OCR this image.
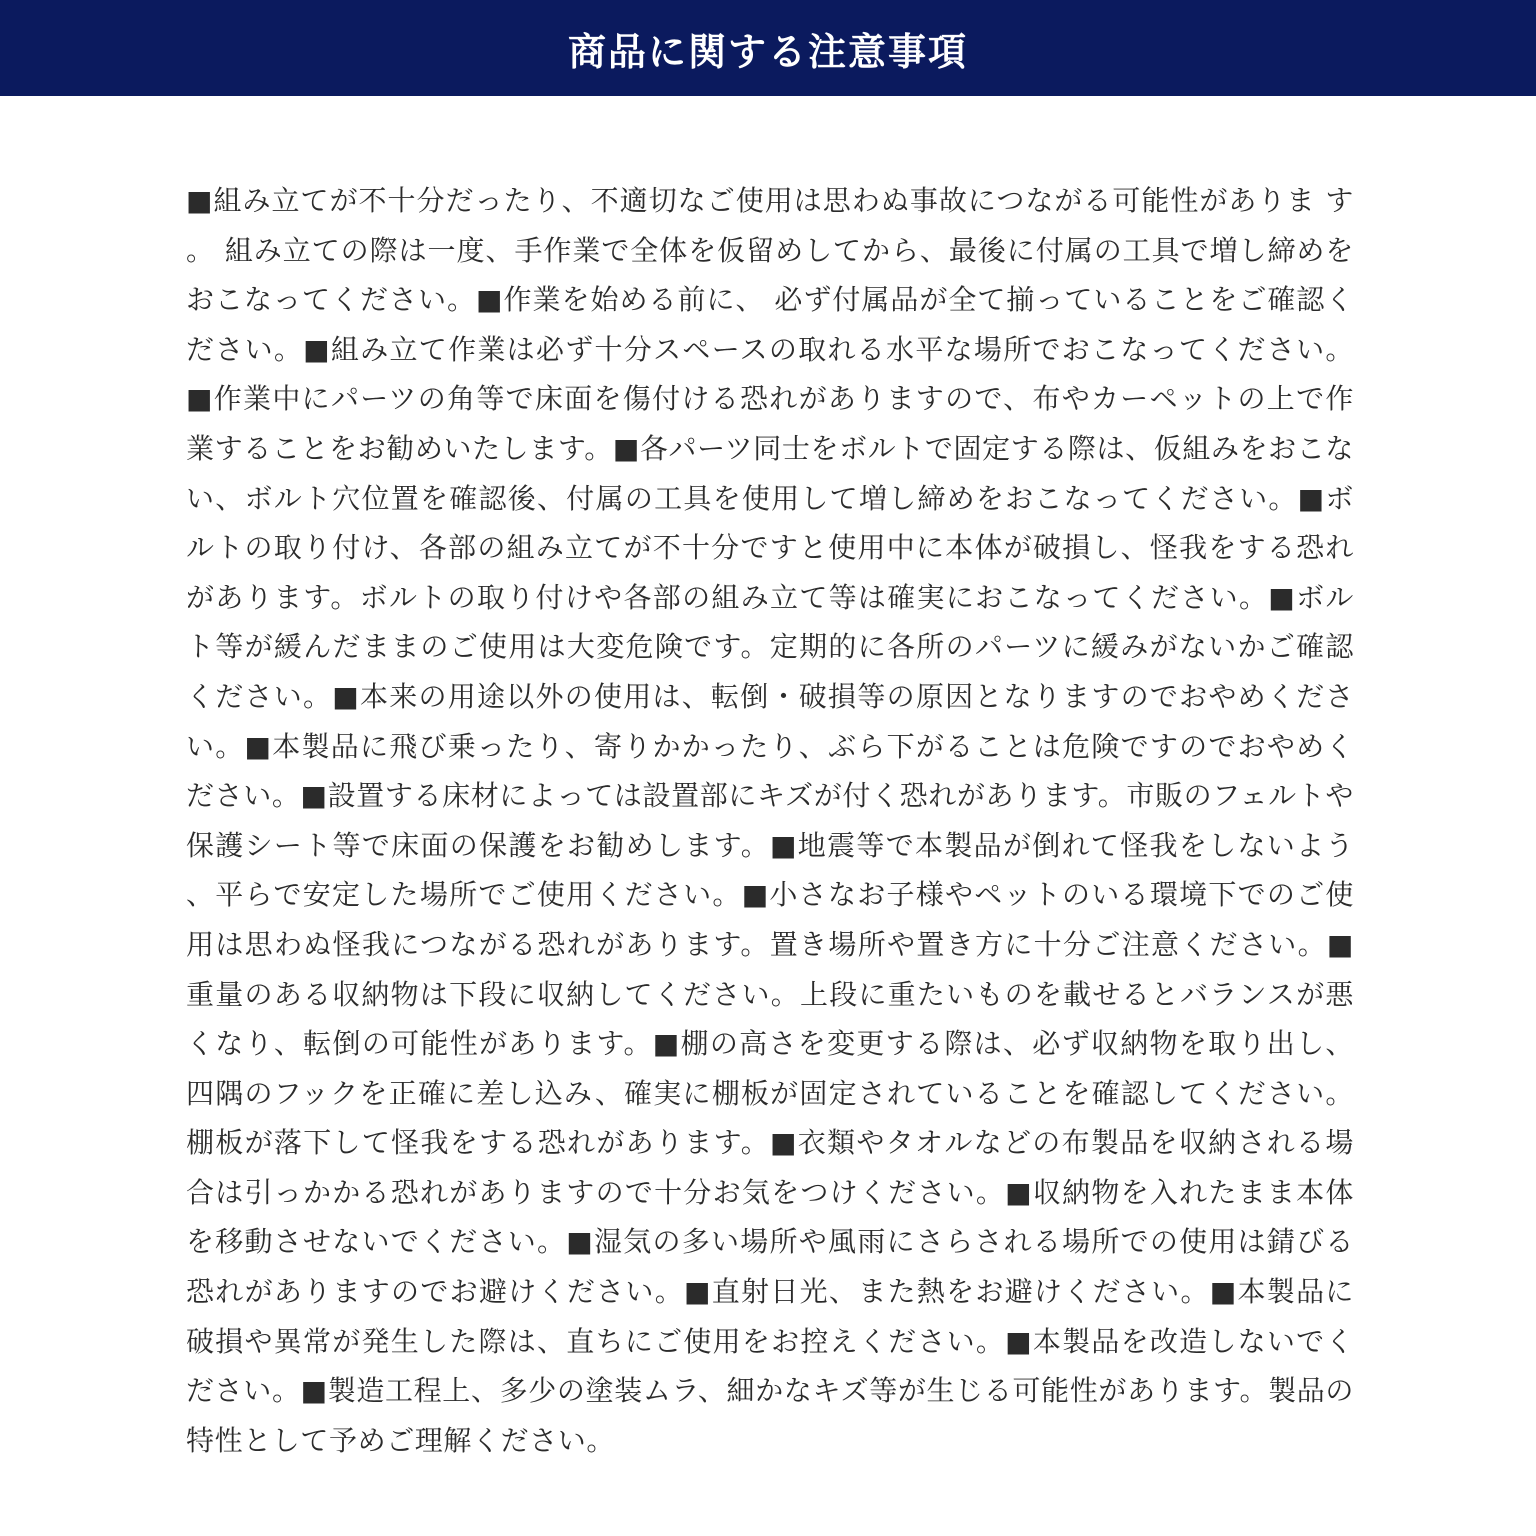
商品に関する注意事項
■組み立てが不十分だったり、不適切なご使用は思わぬ事故につながる可能性がありま す。 組み立ての際は一度、手作業で全体を仮留めしてから、最後に付属の工具で増し締めをおこなってください。■作業を始める前に、 必ず付属品が全て揃っていることをご確認ください。■組み立て作業は必ず十分スペースの取れる水平な場所でおこなってください。■作業中にパーツの角等で床面を傷付ける恐れがありますので、布やカーペットの上で作業することをお勧めいたします。■各パーツ同士をボルトで固定する際は、仮組みをおこない、ボルト穴位置を確認後、付属の工具を使用して増し締めをおこなってください。■ボルトの取り付け、各部の組み立てが不十分ですと使用中に本体が破損し、怪我をする恐れがあります。ボルトの取り付けや各部の組み立て等は確実におこなってください。■ボルト等が緩んだままのご使用は大変危険です。定期的に各所のパーツに緩みがないかご確認ください。■本来の用途以外の使用は、転倒・破損等の原因となりますのでおやめください。■本製品に飛び乗ったり、寄りかかったり、ぶら下がることは危険ですのでおやめください。■設置する床材によっては設置部にキズが付く恐れがあります。市販のフェルトや保護シート等で床面の保護をお勧めします。■地震等で本製品が倒れて怪我をしないよう、平らで安定した場所でご使用ください。■小さなお子様やペットのいる環境下でのご使用は思わぬ怪我につながる恐れがあります。置き場所や置き方に十分ご注意ください。■重量のある収納物は下段に収納してください。上段に重たいものを載せるとバランスが悪くなり、転倒の可能性があります。■棚の高さを変更する際は、必ず収納物を取り出し、四隅のフックを正確に差し込み、確実に棚板が固定されていることを確認してください。棚板が落下して怪我をする恐れがあります。■衣類やタオルなどの布製品を収納される場合は引っかかる恐れがありますので十分お気をつけください。■収納物を入れたまま本体を移動させないでください。■湿気の多い場所や風雨にさらされる場所での使用は錆びる恐れがありますのでお避けください。■直射日光、また熱をお避けください。■本製品に破損や異常が発生した際は、直ちにご使用をお控えください。■本製品を改造しないでください。■製造工程上、多少の塗装ムラ、細かなキズ等が生じる可能性があります。製品の特性として予めご理解ください。
